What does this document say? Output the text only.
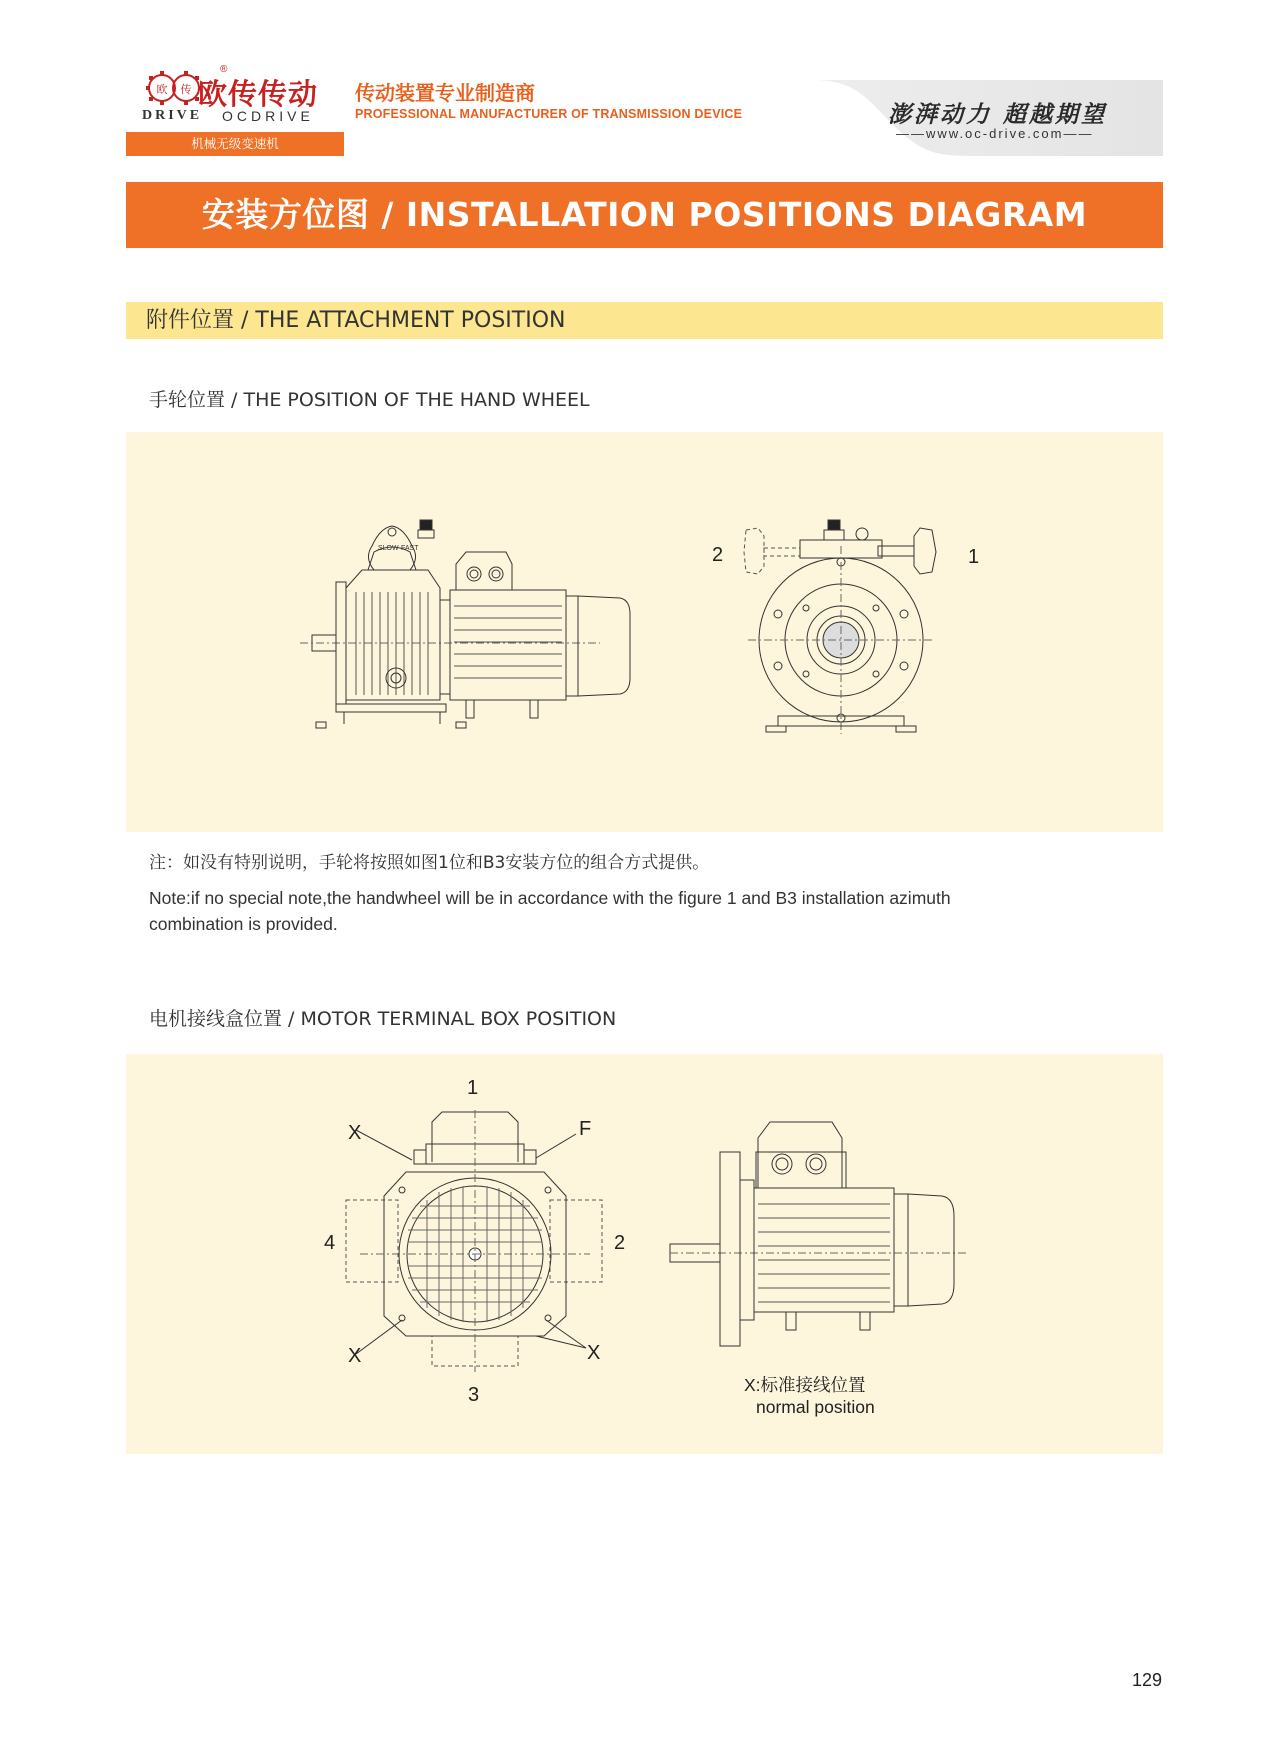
欧 传
®
欧传传动
DRIVE OCDRIVE
传动装置专业制造商
PROFESSIONAL MANUFACTURER OF TRANSMISSION DEVICE	澎湃动力 超越期望
——www.oc-drive.com——
机械无级变速机
安装方位图 / INSTALLATION POSITIONS DIAGRAM
附件位置 / THE ATTACHMENT POSITION
手轮位置 / THE POSITION OF THE HAND WHEEL
SLOW FAST	2	1
注：如没有特别说明，手轮将按照如图1位和B3安装方位的组合方式提供。
Note:if no special note,the handwheel will be in accordance with the figure 1 and B3 installation azimuth
combination is provided.
电机接线盒位置 / MOTOR TERMINAL BOX POSITION
1
2
3
4
X	F
X	X
X:标准接线位置
normal position
129
